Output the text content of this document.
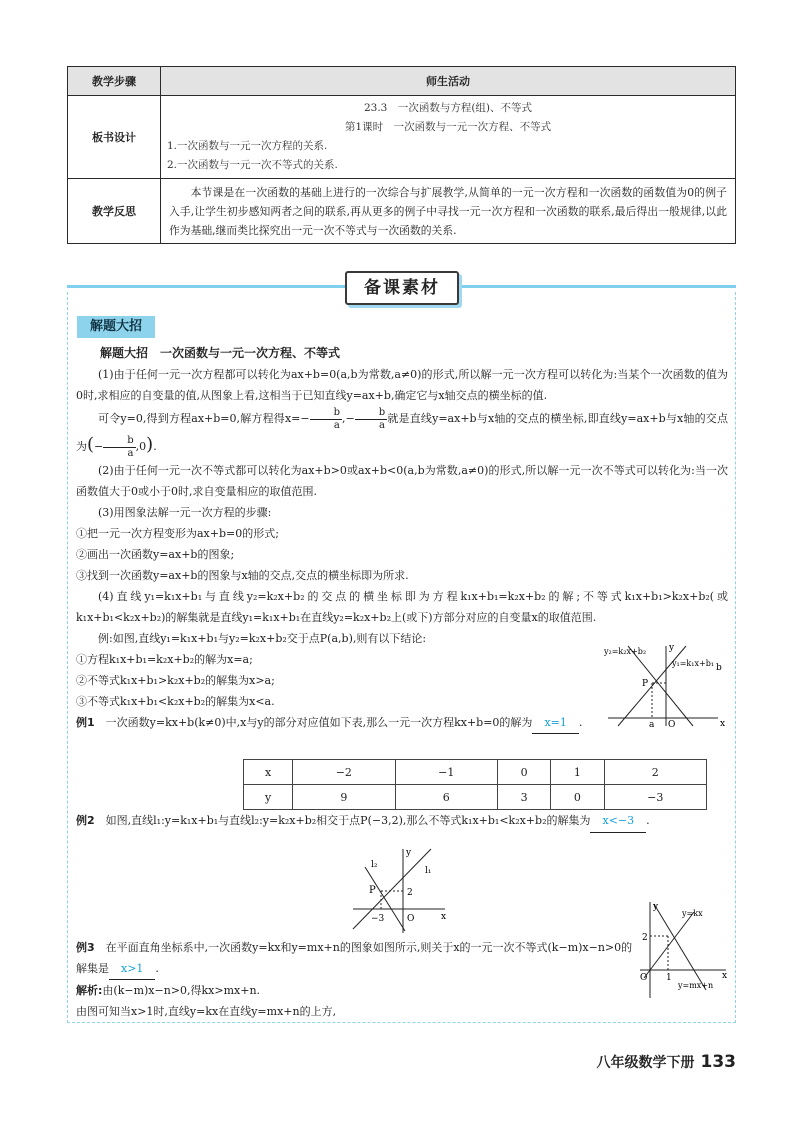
教学步骤	师生活动
板书设计	23.3　一次函数与方程(组)、不等式
第1课时　一次函数与一元一次方程、不等式
1.一次函数与一元一次方程的关系.
2.一次函数与一元一次不等式的关系.

教学反思	本节课是在一次函数的基础上进行的一次综合与扩展教学,从简单的一元一次方程和一次函数的函数值为0的例子入手,让学生初步感知两者之间的联系,再从更多的例子中寻找一元一次方程和一次函数的联系,最后得出一般规律,以此作为基础,继而类比探究出一元一次不等式与一次函数的关系.
备课素材
解题大招

解题大招　一次函数与一元一次方程、不等式

(1)由于任何一元一次方程都可以转化为ax+b=0(a,b为常数,a≠0)的形式,所以解一元一次方程可以转化为:当某个一次函数的值为0时,求相应的自变量的值,从图象上看,这相当于已知直线y=ax+b,确定它与x轴交点的横坐标的值.

可令y=0,得到方程ax+b=0,解方程得$x=- \frac{b}{a}$ ,− $\frac{b}{a}$ 就是直线y=ax+b与x轴的交点的横坐标,即直线y=ax+b与x轴的交点为(− $\frac{b}{a} ,0$).

(2)由于任何一元一次不等式都可以转化为ax+b>0或ax+b<0(a,b为常数,a≠0)的形式,所以解一元一次不等式可以转化为:当一次函数值大于0或小于0时,求自变量相应的取值范围.

(3)用图象法解一元一次方程的步骤:

①把一元一次方程变形为ax+b=0的形式;

②画出一次函数y=ax+b的图象;

③找到一次函数y=ax+b的图象与x轴的交点,交点的横坐标即为所求.

(4)直线y₁=k₁x+b₁与直线y₂=k₂x+b₂的交点的横坐标即为方程k₁x+b₁=k₂x+b₂的解;不等式k₁x+b₁>k₂x+b₂(或k₁x+b₁<k₂x+b₂)的解集就是直线y₁=k₁x+b₁在直线y₂=k₂x+b₂上(或下)方部分对应的自变量x的取值范围.

例:如图,直线y₁=k₁x+b₁与y₂=k₂x+b₂交于点P(a,b),则有以下结论:

①方程k₁x+b₁=k₂x+b₂的解为x=a;

②不等式k₁x+b₁>k₂x+b₂的解集为x>a;

③不等式k₁x+b₁<k₂x+b₂的解集为x<a.

例1　 一次函数y=kx+b(k≠0)中,x与y的部分对应值如下表,那么一元一次方程kx+b=0的解为 x=1 .

x	−2	−1	0	1	2
y	9	6	3	0	−3
例2　 如图,直线l₁:y=k₁x+b₁与直线l₂:y=k₂x+b₂相交于点P(−3,2),那么不等式k₁x+b₁<k₂x+b₂的解集为 x<−3 .
例3　 在平面直角坐标系中,一次函数y=kx和y=mx+n的图象如图所示,则关于x的一元一次不等式(k−m)x−n>0的解集是 x>1 .
解析:由(k−m)x−n>0,得kx>mx+n.
由图可知当x>1时,直线y=kx在直线y=mx+n的上方,
y₂=k₂x+b₂
y₁=k₁x+b₁
P
b
a O	x
y
l₂
l₁
P	2
−3	O	x
y
y=kx
y=mx+n
2
1
O	x
y
八年级数学下册 133
